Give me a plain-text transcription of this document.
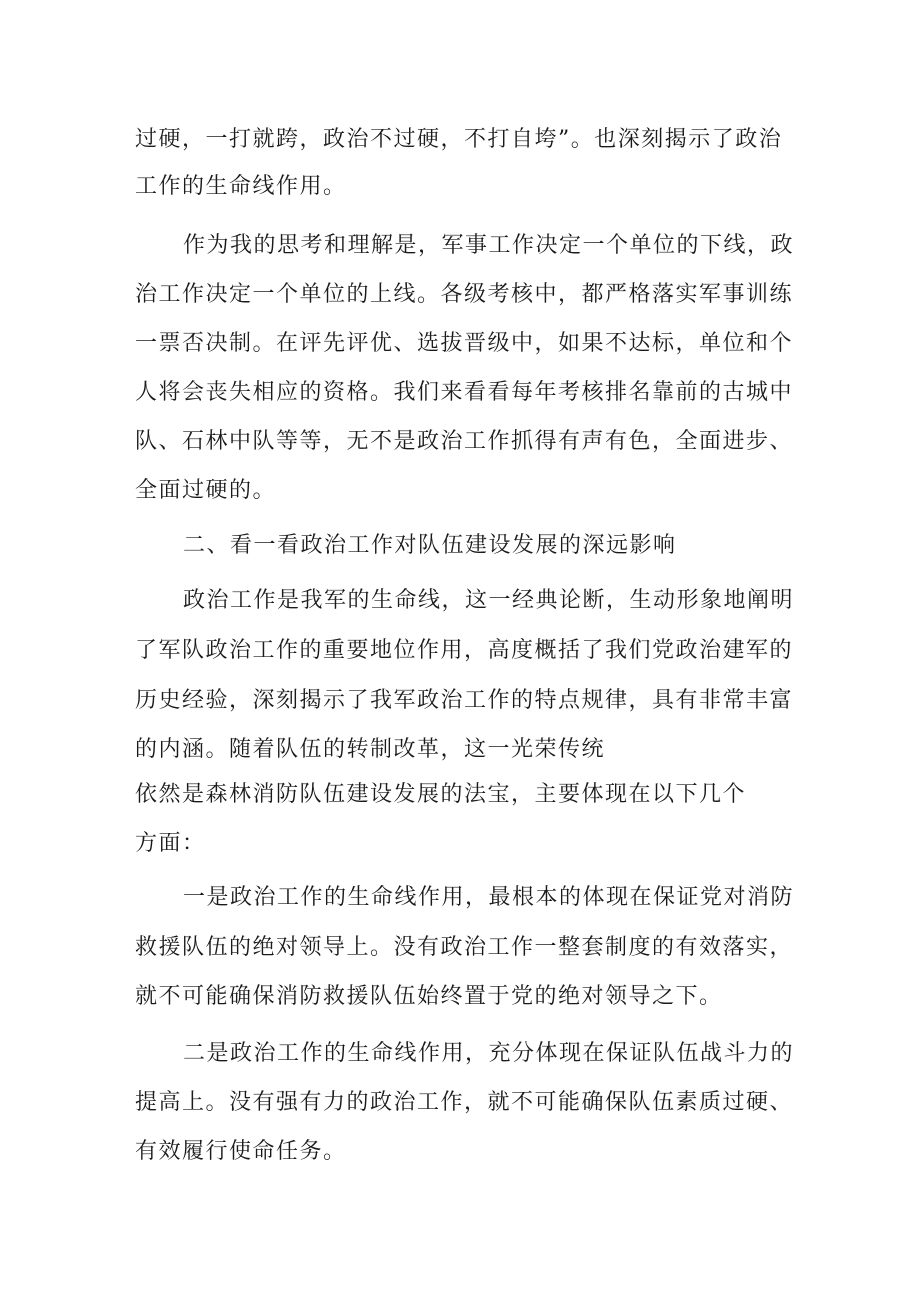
过硬，一打就跨，政治不过硬，不打自垮”。也深刻揭示了政治
工作的生命线作用。
作为我的思考和理解是，军事工作决定一个单位的下线，政
治工作决定一个单位的上线。各级考核中，都严格落实军事训练
一票否决制。在评先评优、选拔晋级中，如果不达标，单位和个
人将会丧失相应的资格。我们来看看每年考核排名靠前的古城中
队、石林中队等等，无不是政治工作抓得有声有色，全面进步、
全面过硬的。
二、看一看政治工作对队伍建设发展的深远影响
政治工作是我军的生命线，这一经典论断，生动形象地阐明
了军队政治工作的重要地位作用，高度概括了我们党政治建军的
历史经验，深刻揭示了我军政治工作的特点规律，具有非常丰富
的内涵。随着队伍的转制改革，这一光荣传统
依然是森林消防队伍建设发展的法宝，主要体现在以下几个
方面：
一是政治工作的生命线作用，最根本的体现在保证党对消防
救援队伍的绝对领导上。没有政治工作一整套制度的有效落实，
就不可能确保消防救援队伍始终置于党的绝对领导之下。
二是政治工作的生命线作用，充分体现在保证队伍战斗力的
提高上。没有强有力的政治工作，就不可能确保队伍素质过硬、
有效履行使命任务。
